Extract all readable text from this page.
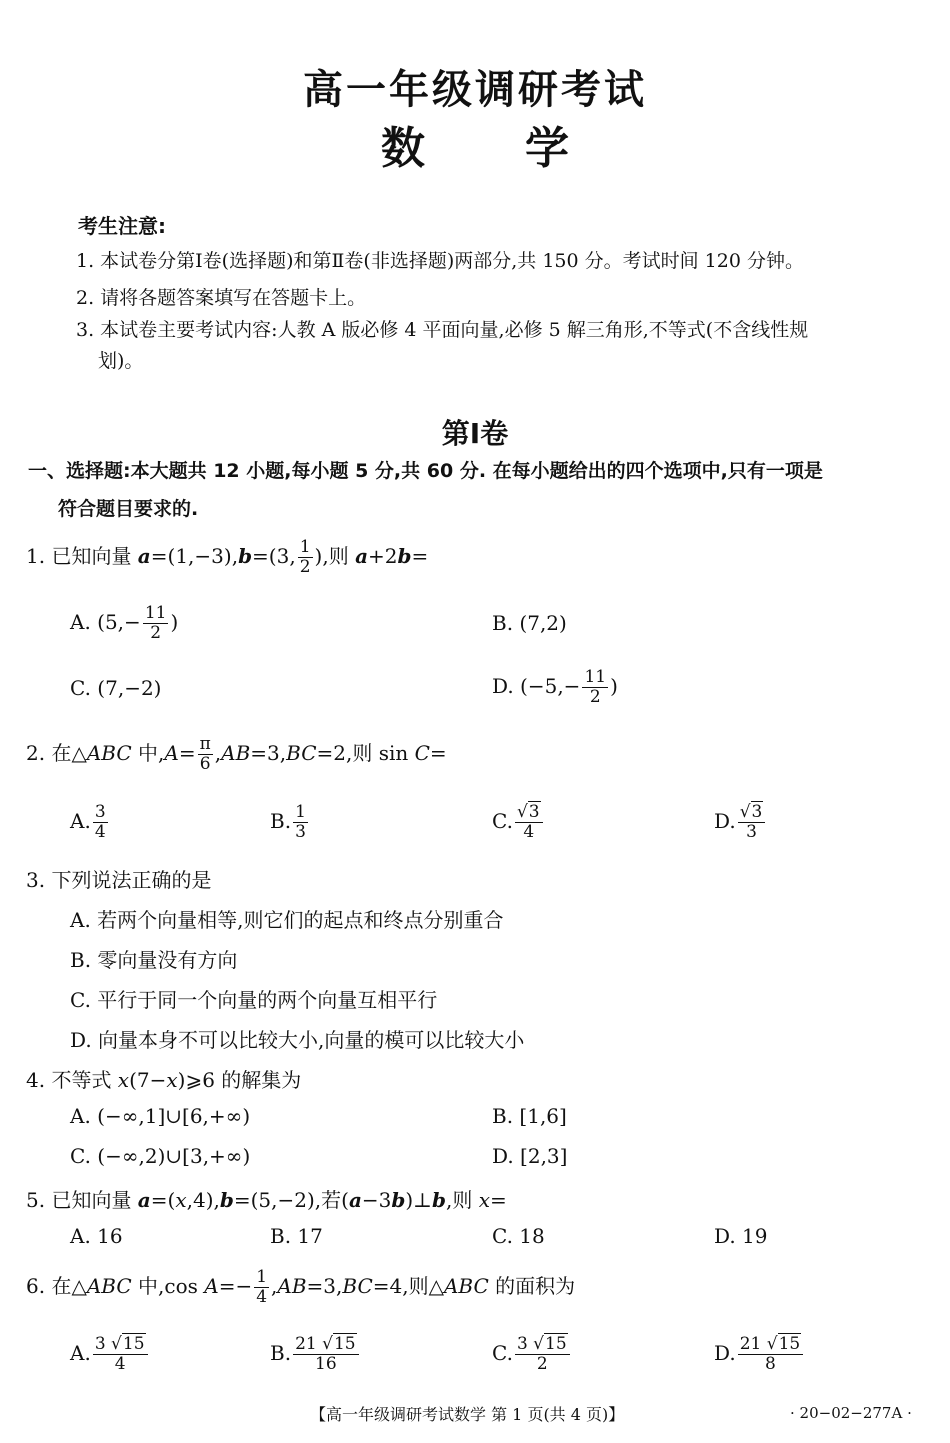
高一年级调研考试
数学
考生注意:
1. 本试卷分第Ⅰ卷(选择题)和第Ⅱ卷(非选择题)两部分,共 150 分。考试时间 120 分钟。
2. 请将各题答案填写在答题卡上。
3. 本试卷主要考试内容:人教 A 版必修 4 平面向量,必修 5 解三角形,不等式(不含线性规
划)。
第Ⅰ卷
一、选择题:本大题共 12 小题,每小题 5 分,共 60 分. 在每小题给出的四个选项中,只有一项是
符合题目要求的.
1. 已知向量 a=(1,−3),b=(3, $\frac{1}{2}$ ),则 a+2b=
A. ($5,- \frac{11}{2}$ )	B. (7,2)
C. (7,−2)	D. ($-5,- \frac{11}{2}$ )
2. 在△ABC 中$,A= \frac{\pi}{6} ,AB=3,BC=2$,则 sin C=
A. $\frac{3}{4}$	B. $\frac{1}{3}$	C. $\frac{√3}{4}$	D. $\frac{√3}{3}$
3. 下列说法正确的是
A. 若两个向量相等,则它们的起点和终点分别重合
B. 零向量没有方向
C. 平行于同一个向量的两个向量互相平行
D. 向量本身不可以比较大小,向量的模可以比较大小
4. 不等式 x(7−x)⩾6 的解集为
A. (−∞,1]∪[6,+∞)	B. [1,6]
C. (−∞,2)∪[3,+∞)	D. [2,3]
5. 已知向量 a=(x,4),b=(5,−2),若(a−3b)⊥b,则 x=
A. 16	B. 17	C. 18	D. 19
6. 在△ABC 中,cos $A=- \frac{1}{4} ,AB=3,BC=4$,则△ABC 的面积为
A. $\frac{3 √15}{4}$	B. $\frac{21 √15}{16}$	C. $\frac{3 √15}{2}$	D. $\frac{21 √15}{8}$
【高一年级调研考试数学 第 1 页(共 4 页)】	· 20−02−277A ·
